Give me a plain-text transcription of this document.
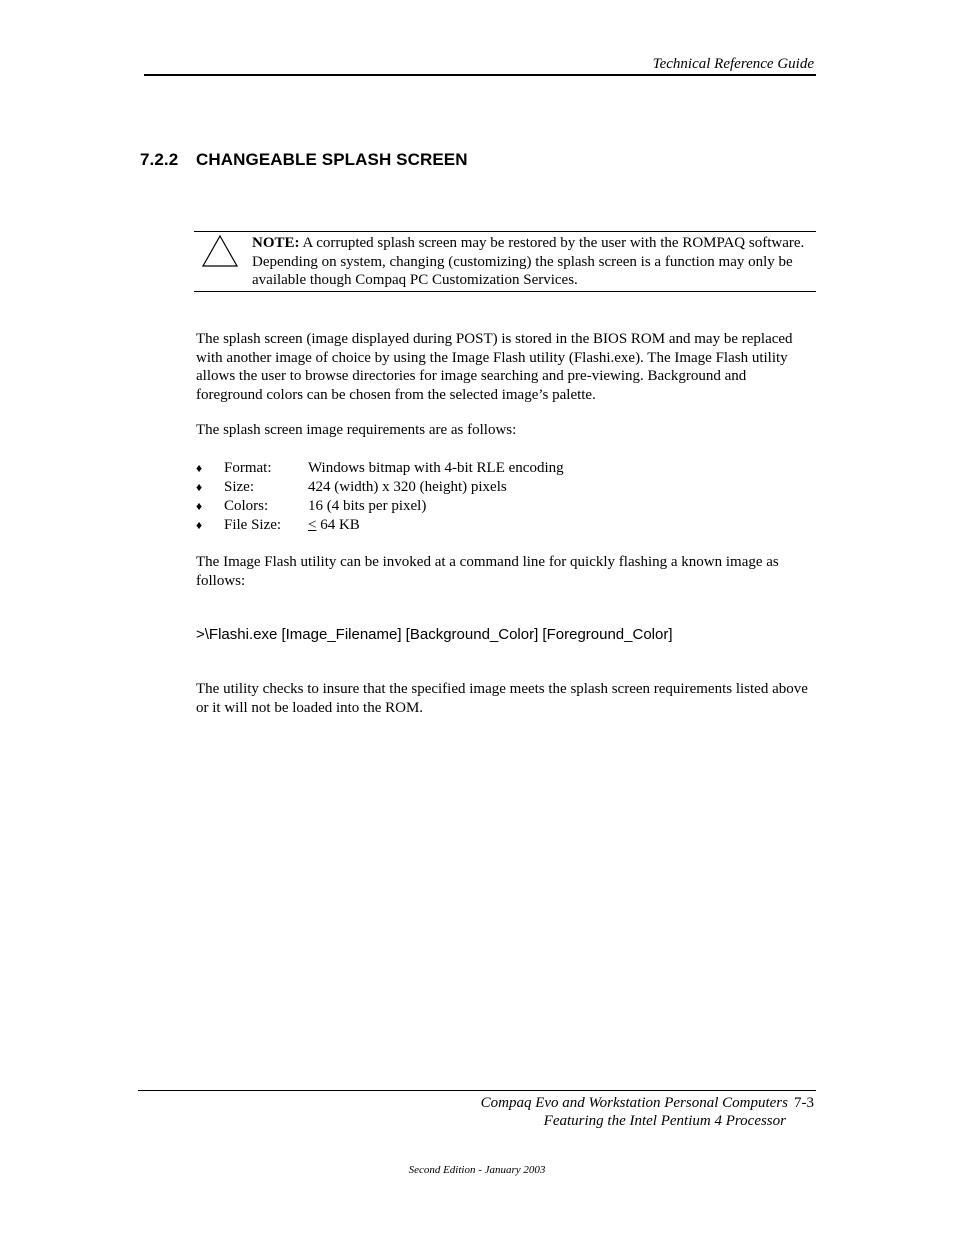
Technical Reference Guide
7.2.2 CHANGEABLE SPLASH SCREEN
NOTE: A corrupted splash screen may be restored by the user with the ROMPAQ software. Depending on system, changing (customizing) the splash screen is a function may only be available though Compaq PC Customization Services.
The splash screen (image displayed during POST) is stored in the BIOS ROM and may be replaced with another image of choice by using the Image Flash utility (Flashi.exe). The Image Flash utility allows the user to browse directories for image searching and pre-viewing. Background and foreground colors can be chosen from the selected image’s palette.
The splash screen image requirements are as follows:
♦ Format: Windows bitmap with 4-bit RLE encoding
♦ Size:	424 (width) x 320 (height) pixels
♦ Colors:	16 (4 bits per pixel)
♦ File Size: < 64 KB
The Image Flash utility can be invoked at a command line for quickly flashing a known image as follows:
>\Flashi.exe [Image_Filename] [Background_Color] [Foreground_Color]
The utility checks to insure that the specified image meets the splash screen requirements listed above or it will not be loaded into the ROM.
Compaq Evo and Workstation Personal Computers 7-3
Featuring the Intel Pentium 4 Processor
Second Edition - January 2003
